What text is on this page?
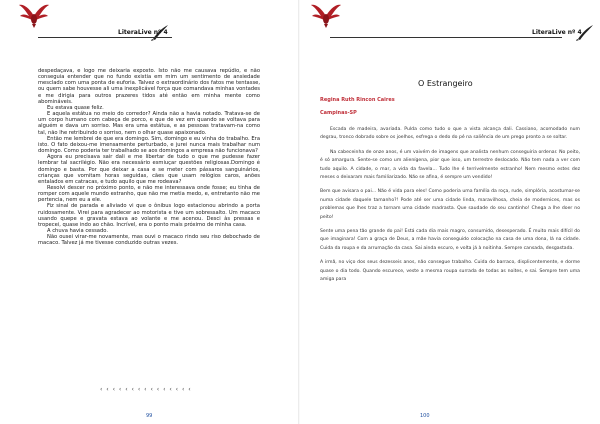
LiteraLive nº 4

despedaçava, e logo me deixaria exposto. Isto não me causava repúdio, e não conseguia entender que no fundo existia em mim um sentimento de ansiedade mesclado com uma ponta de euforia. Talvez o extraordinário dos fatos me tentasse, ou quem sabe houvesse ali uma inexplicável força que comandava minhas vontades e me dirigia para outros prazeres tidos até então em minha mente como abomináveis.

Eu estava quase feliz.

E aquela estátua no meio do corredor? Ainda não a havia notado. Tratava-se de um corpo humano com cabeça de porco, e que de vez em quando se voltava para alguém e dava um sorriso. Mas era uma estátua, e as pessoas tratavam-na como tal, não lhe retribuindo o sorriso, nem o olhar quase apaixonado.

Então me lembrei de que era domingo. Sim, domingo e eu vinha do trabalho. Era isto. O fato deixou-me imensamente perturbado, e jurei nunca mais trabalhar num domingo. Como poderia ter trabalhado se aos domingos a empresa não funcionava?

Agora eu precisava sair dali e me libertar de tudo o que me pudesse fazer lembrar tal sacrilégio. Não era necessário esmiuçar questões religiosas.Domingo é domingo e basta. Por que deixar a casa e se meter com pássaros sanguinários, crianças que vomitam horas seguidas, cães que usam relógios caros, anões entalados em catracas, e tudo aquilo que me rodeava?

Resolvi descer no próximo ponto, e não me interessava onde fosse; eu tinha de romper com aquele mundo estranho, que não me metia medo, e, entretanto não me pertencia, nem eu a ele.

Fiz sinal de parada e aliviado vi que o ônibus logo estacionou abrindo a porta ruidosamente. Virei para agradecer ao motorista e tive um sobressalto. Um macaco usando quepe e gravata estava ao volante e me acenou. Desci às pressas e tropecei, quase indo ao chão. Incrível, era o ponto mais próximo de minha casa.

A chuva havia cessado.

Não ousei virar-me novamente, mas ouvi o macaco rindo seu riso debochado de macaco. Talvez já me tivesse conduzido outras vezes.

‹ ‹ ‹ ‹ ‹ ‹ ‹ ‹ ‹ ‹ ‹ ‹ ‹ ‹ ‹
99
LiteraLive nº 4
O Estrangeiro
Regina Ruth Rincon Caires
Campinas-SP

Escada de madeira, avariada. Pulda como tudo o que a vista alcança dali. Cassiano, acomodado num degrau, tronco dobrado sobre os joelhos, esfrega o dedo do pé na saliência de um prego pronto a se soltar.

Na cabeceinha de onze anos, é um vaivém de imagens que analista nenhum conseguiria ordenar. No peito, é só amargura. Sente-se como um alienígena, pior que isso, um terrestre deslocado. Não tem nada a ver com tudo aquilo. A cidade, o mar, a vida da favela... Tudo lhe é terrivelmente estranho! Nem mesmo estes dez meses o deixaram mais familiarizado. Não se afina, é sempre um vendido!

Bem que avisara o pai... Não é vida para eles! Como poderia uma família da roça, rude, simplória, acostumar-se numa cidade daquele tamanho?! Pode até ser uma cidade linda, maravilhosa, cheia de modernices, mas os problemas que lhes traz a tornam uma cidade madrasta. Que saudade do seu cantinho! Chega a lhe doer no peito!

Sente uma pena tão grande do pai! Está cada dia mais magro, consumido, desesperado. É muito mais difícil do que imaginara! Com a graça de Deus, a mãe havia conseguido colocação na casa de uma dona, lá na cidade. Cuida da roupa e da arrumação da casa. Sai ainda escuro, e volta já à noitinha. Sempre cansada, desgastada.

A irmã, no viço dos seus dezesseis anos, não consegue trabalho. Cuida do barraco, displicentemente, e dorme quase o dia todo. Quando escurece, veste a mesma roupa surrada de todas as noites, e sai. Sempre tem uma amiga para

100
